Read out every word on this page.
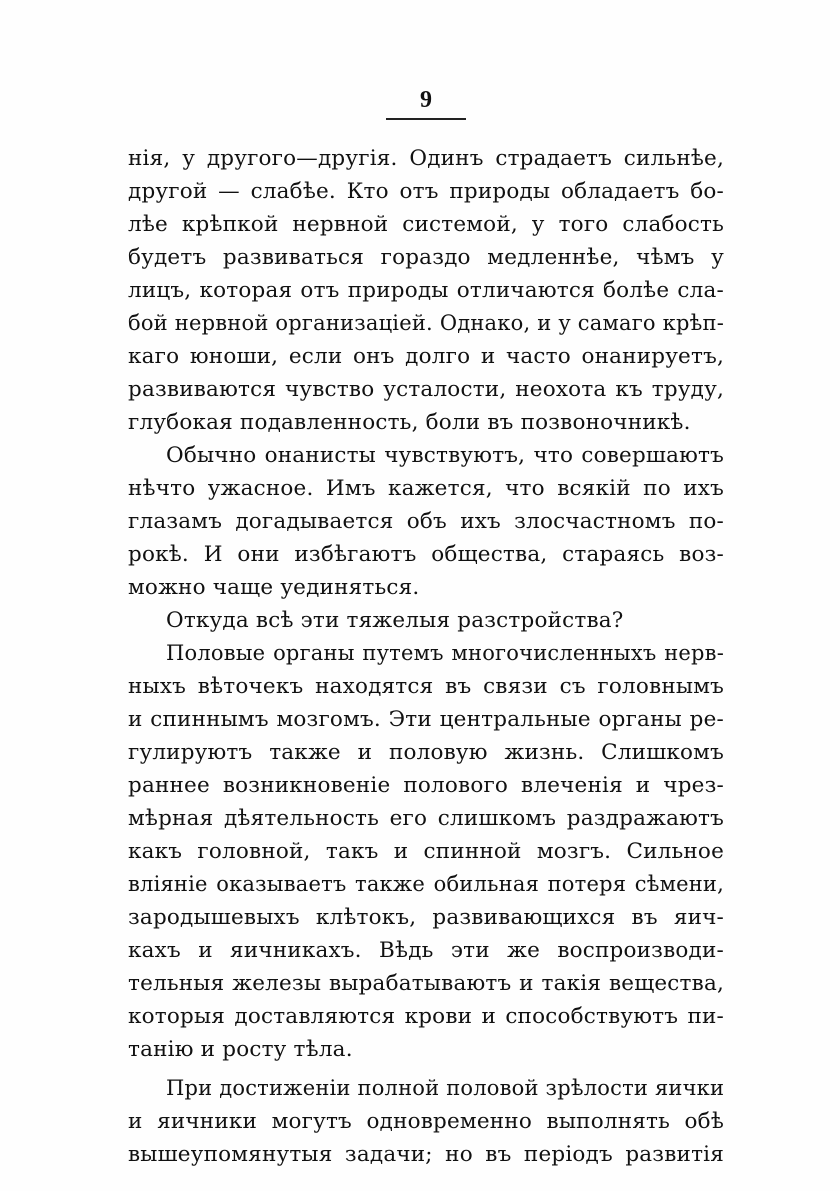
9
нія, у другого—другія. Одинъ страдаетъ сильнѣе,
другой — слабѣе. Кто отъ природы обладаетъ бо-
лѣе крѣпкой нервной системой, у того слабость
будетъ развиваться гораздо медленнѣе, чѣмъ у
лицъ, которая отъ природы отличаются болѣе сла-
бой нервной организаціей. Однако, и у самаго крѣп-
каго юноши, если онъ долго и часто онанируетъ,
развиваются чувство усталости, неохота къ труду,
глубокая подавленность, боли въ позвоночникѣ.
Обычно онанисты чувствуютъ, что совершаютъ
нѣчто ужасное. Имъ кажется, что всякій по ихъ
глазамъ догадывается объ ихъ злосчастномъ по-
рокѣ. И они избѣгаютъ общества, стараясь воз-
можно чаще уединяться.
Откуда всѣ эти тяжелыя разстройства?
Половые органы путемъ многочисленныхъ нерв-
ныхъ вѣточекъ находятся въ связи съ головнымъ
и спиннымъ мозгомъ. Эти центральные органы ре-
гулируютъ также и половую жизнь. Слишкомъ
раннее возникновеніе полового влеченія и чрез-
мѣрная дѣятельность его слишкомъ раздражаютъ
какъ головной, такъ и спинной мозгъ. Сильное
вліяніе оказываетъ также обильная потеря сѣмени,
зародышевыхъ клѣтокъ, развивающихся въ яич-
кахъ и яичникахъ. Вѣдь эти же воспроизводи-
тельныя железы вырабатываютъ и такія вещества,
которыя доставляются крови и способствуютъ пи-
танію и росту тѣла.
При достиженіи полной половой зрѣлости яички
и яичники могутъ одновременно выполнять обѣ
вышеупомянутыя задачи; но въ періодъ развитія
